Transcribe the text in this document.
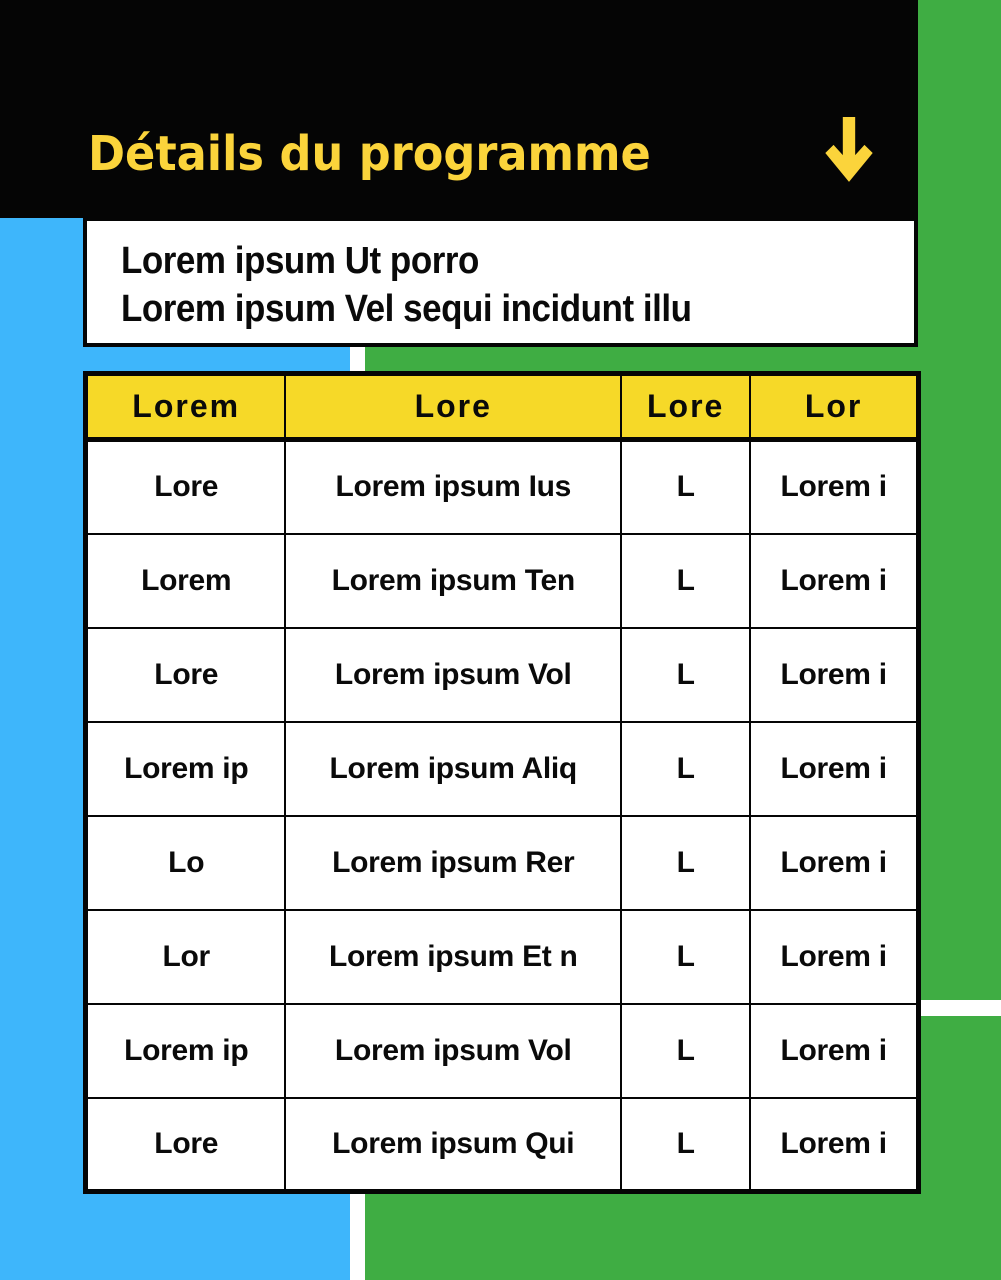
Détails du programme
Lorem ipsum Ut porro
Lorem ipsum Vel sequi incidunt illu
Lorem	Lore	Lore	Lor
Lore	Lorem ipsum Ius	L	Lorem i
Lorem	Lorem ipsum Ten	L	Lorem i
Lore	Lorem ipsum Vol	L	Lorem i
Lorem ip	Lorem ipsum Aliq	L	Lorem i
Lo	Lorem ipsum Rer	L	Lorem i
Lor	Lorem ipsum Et n	L	Lorem i
Lorem ip	Lorem ipsum Vol	L	Lorem i
Lore	Lorem ipsum Qui	L	Lorem i
